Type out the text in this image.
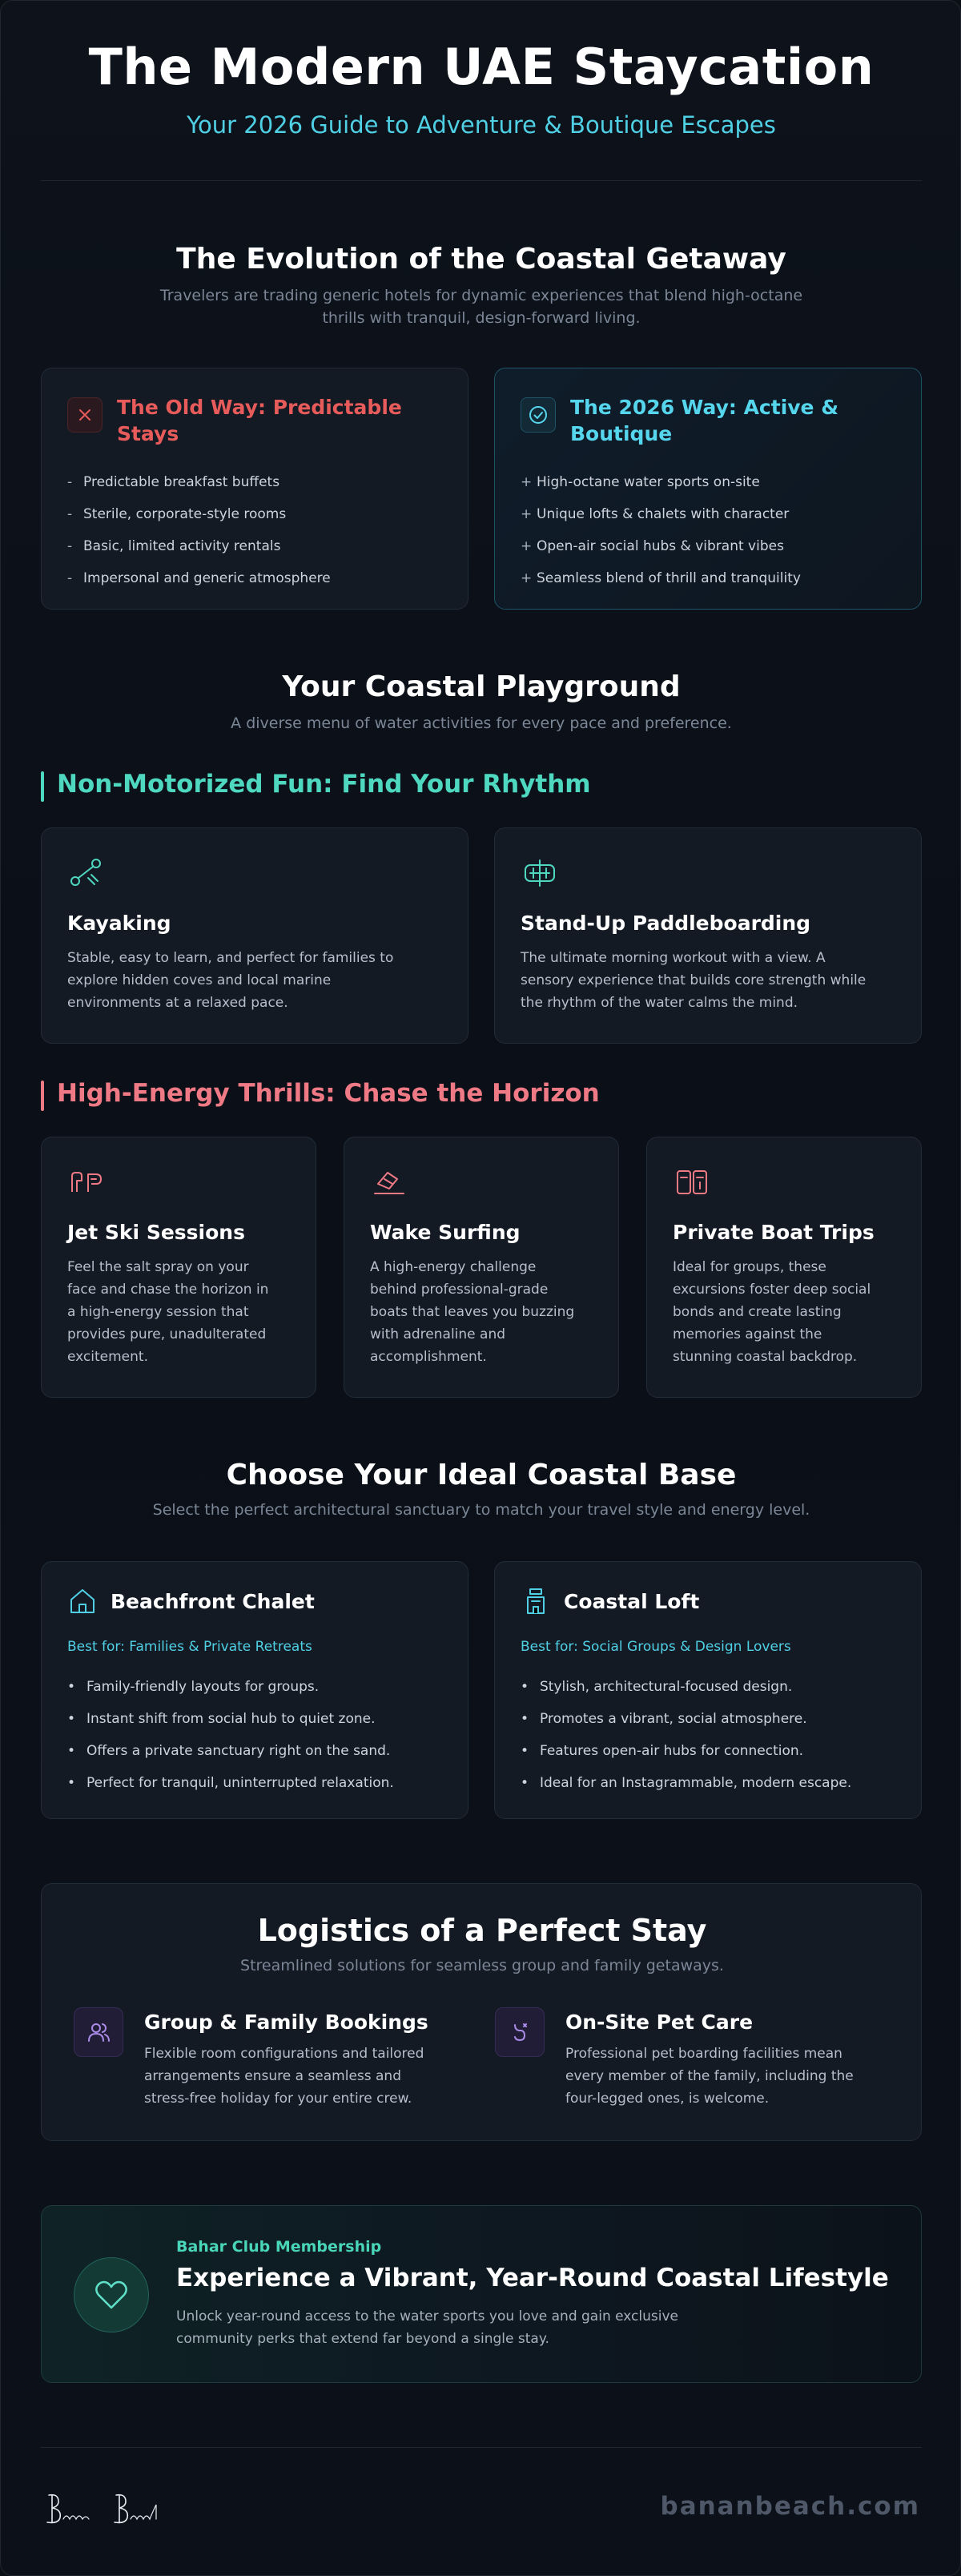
The Modern UAE Staycation
Your 2026 Guide to Adventure & Boutique Escapes
The Evolution of the Coastal Getaway
Travelers are trading generic hotels for dynamic experiences that blend high-octane
thrills with tranquil, design-forward living.
The Old Way: Predictable
Stays
- Predictable breakfast buffets
- Sterile, corporate-style rooms
- Basic, limited activity rentals
- Impersonal and generic atmosphere
The 2026 Way: Active &
Boutique
+ High-octane water sports on-site
+ Unique lofts & chalets with character
+ Open-air social hubs & vibrant vibes
+ Seamless blend of thrill and tranquility
Your Coastal Playground
A diverse menu of water activities for every pace and preference.
Non-Motorized Fun: Find Your Rhythm
Kayaking
Stable, easy to learn, and perfect for families to
explore hidden coves and local marine
environments at a relaxed pace.
Stand-Up Paddleboarding
The ultimate morning workout with a view. A
sensory experience that builds core strength while
the rhythm of the water calms the mind.
High-Energy Thrills: Chase the Horizon
Jet Ski Sessions
Feel the salt spray on your
face and chase the horizon in
a high-energy session that
provides pure, unadulterated
excitement.
Wake Surfing
A high-energy challenge
behind professional-grade
boats that leaves you buzzing
with adrenaline and
accomplishment.
Private Boat Trips
Ideal for groups, these
excursions foster deep social
bonds and create lasting
memories against the
stunning coastal backdrop.
Choose Your Ideal Coastal Base
Select the perfect architectural sanctuary to match your travel style and energy level.
Beachfront Chalet
Best for: Families & Private Retreats
• Family-friendly layouts for groups.
• Instant shift from social hub to quiet zone.
• Offers a private sanctuary right on the sand.
• Perfect for tranquil, uninterrupted relaxation.
Coastal Loft
Best for: Social Groups & Design Lovers
• Stylish, architectural-focused design.
• Promotes a vibrant, social atmosphere.
• Features open-air hubs for connection.
• Ideal for an Instagrammable, modern escape.
Logistics of a Perfect Stay
Streamlined solutions for seamless group and family getaways.
Group & Family Bookings
Flexible room configurations and tailored
arrangements ensure a seamless and
stress-free holiday for your entire crew.
On-Site Pet Care
Professional pet boarding facilities mean
every member of the family, including the
four-legged ones, is welcome.
Bahar Club Membership
Experience a Vibrant, Year-Round Coastal Lifestyle
Unlock year-round access to the water sports you love and gain exclusive
community perks that extend far beyond a single stay.
bananbeach.com
